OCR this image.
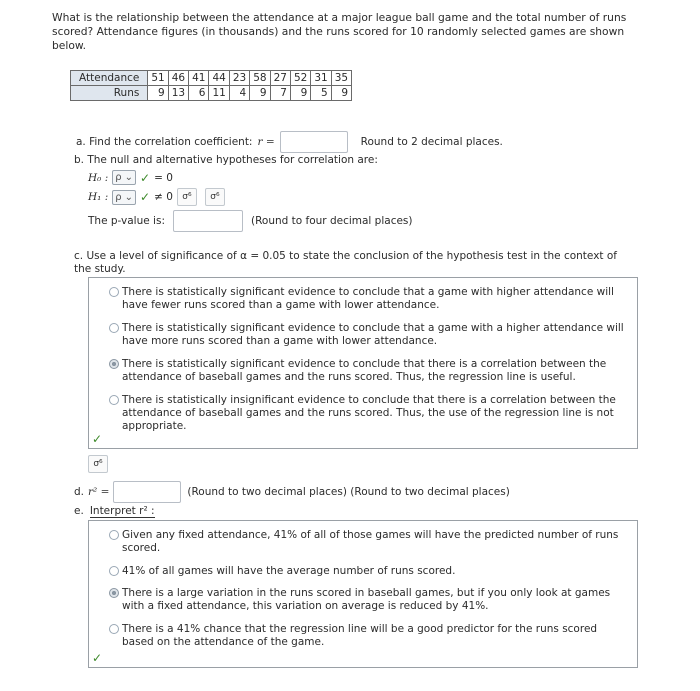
What is the relationship between the attendance at a major league ball game and the total number of runs scored? Attendance figures (in thousands) and the runs scored for 10 randomly selected games are shown below.
Attendance	51	46	41	44	23	58	27	52	31	35
Runs	9	13	6	11	4	9	7	9	5	9
a. Find the correlation coefficient: r =	Round to 2 decimal places.
b. The null and alternative hypotheses for correlation are:
H₀ : ρ ⌄ ✓ = 0
H₁ : ρ ⌄ ✓ ≠ 0	σ⁶	σ⁶
The p-value is:	(Round to four decimal places)
c. Use a level of significance of α = 0.05 to state the conclusion of the hypothesis test in the context of the study.
There is statistically significant evidence to conclude that a game with higher attendance will have fewer runs scored than a game with lower attendance.
There is statistically significant evidence to conclude that a game with a higher attendance will have more runs scored than a game with lower attendance.
There is statistically significant evidence to conclude that there is a correlation between the attendance of baseball games and the runs scored. Thus, the regression line is useful.
There is statistically insignificant evidence to conclude that there is a correlation between the attendance of baseball games and the runs scored. Thus, the use of the regression line is not appropriate.
✓
σ⁶
d. r² =	(Round to two decimal places) (Round to two decimal places)
e. Interpret r² :
Given any fixed attendance, 41% of all of those games will have the predicted number of runs scored.
41% of all games will have the average number of runs scored.
There is a large variation in the runs scored in baseball games, but if you only look at games with a fixed attendance, this variation on average is reduced by 41%.
There is a 41% chance that the regression line will be a good predictor for the runs scored based on the attendance of the game.
✓
